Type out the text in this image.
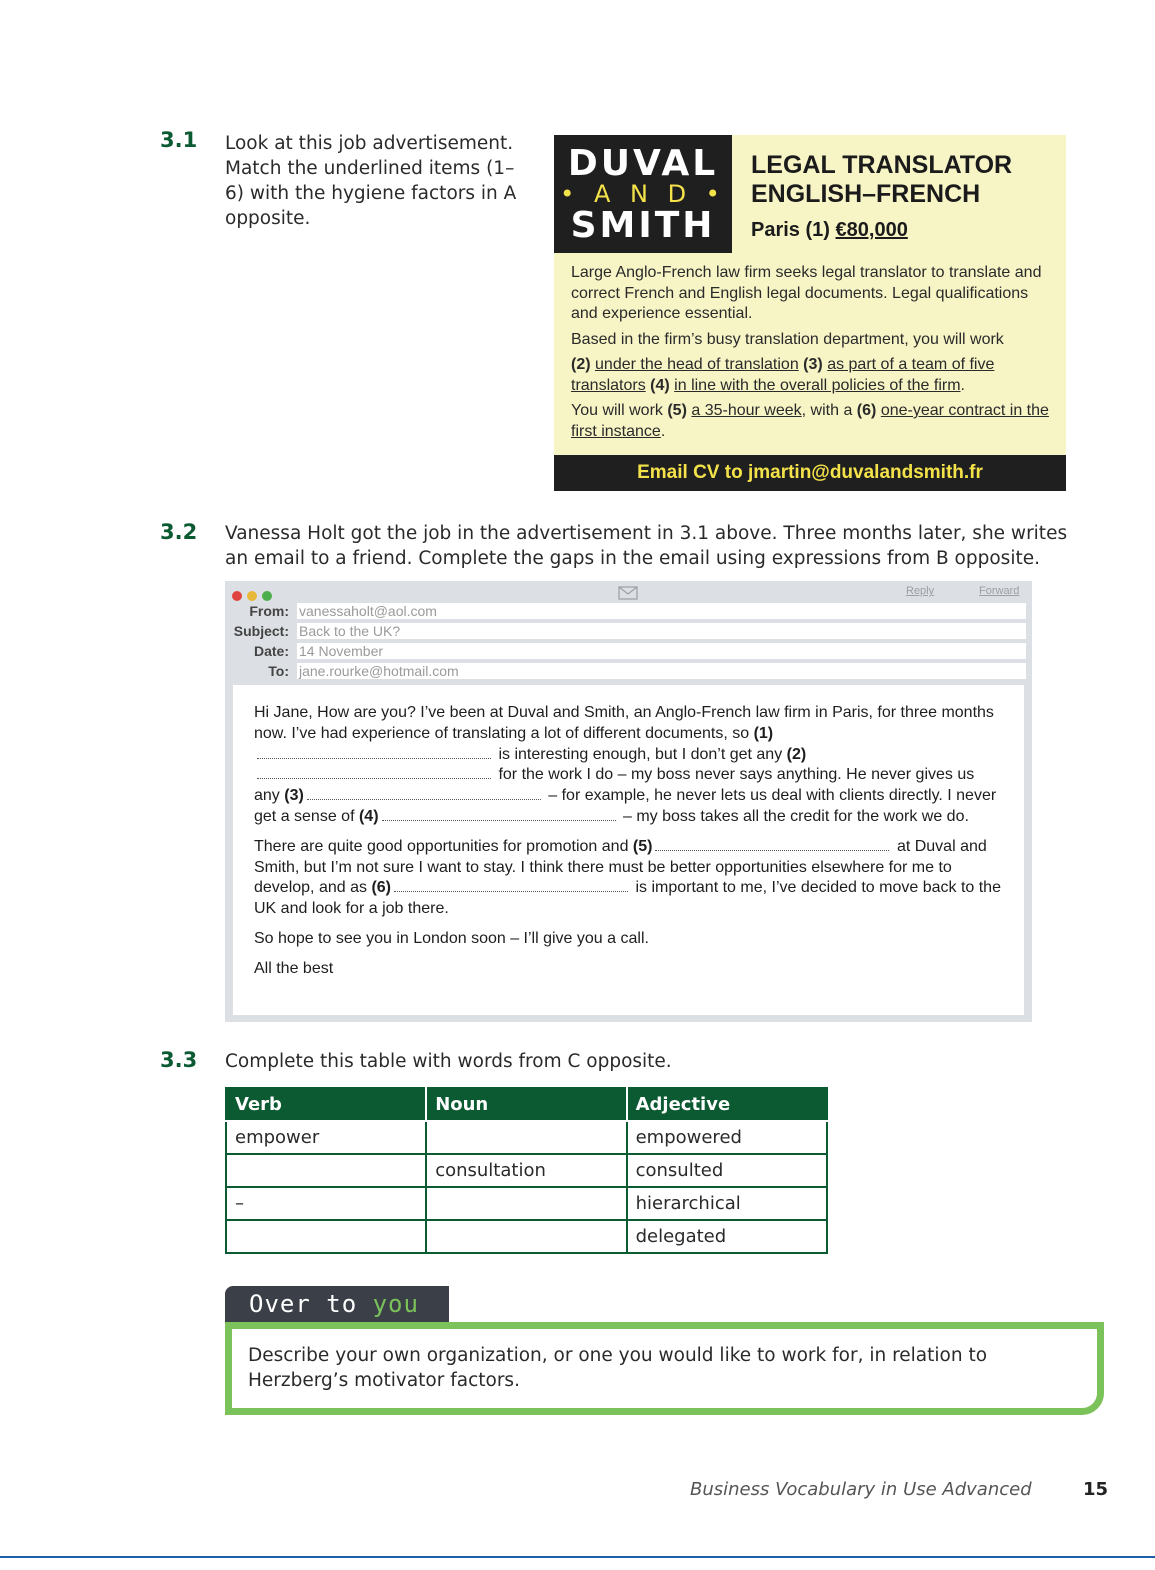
3.1 Look at this job advertisement. Match the underlined items (1–6) with the hygiene factors in A opposite.
DUVAL
• A N D •
SMITH
LEGAL TRANSLATOR ENGLISH–FRENCH
Paris (1) €80,000

Large Anglo-French law firm seeks legal translator to translate and correct French and English legal documents. Legal qualifications and experience essential.

Based in the firm’s busy translation department, you will work

(2) under the head of translation (3) as part of a team of five translators (4) in line with the overall policies of the firm.

You will work (5) a 35-hour week, with a (6) one-year contract in the first instance.

Email CV to jmartin@duvalandsmith.fr
3.2 Vanessa Holt got the job in the advertisement in 3.1 above. Three months later, she writes an email to a friend. Complete the gaps in the email using expressions from B opposite.
Reply	Forward
From: vanessaholt@aol.com
Subject: Back to the UK?
Date: 14 November
To: jane.rourke@hotmail.com

Hi Jane, How are you? I’ve been at Duval and Smith, an Anglo-French law firm in Paris, for three months now. I’ve had experience of translating a lot of different documents, so (1) is interesting enough, but I don’t get any (2) for the work I do – my boss never says anything. He never gives us any (3)	– for example, he never lets us deal with clients directly. I never get a sense of (4)	– my boss takes all the credit for the work we do.

There are quite good opportunities for promotion and (5)	at Duval and Smith, but I’m not sure I want to stay. I think there must be better opportunities elsewhere for me to develop, and as (6)	is important to me, I’ve decided to move back to the UK and look for a job there.

So hope to see you in London soon – I’ll give you a call.

All the best

3.3 Complete this table with words from C opposite.
Verb	Noun	Adjective
empower		empowered
	consultation	consulted
–		hierarchical
		delegated
Over to you
Describe your own organization, or one you would like to work for, in relation to Herzberg’s motivator factors.
Business Vocabulary in Use Advanced	15
